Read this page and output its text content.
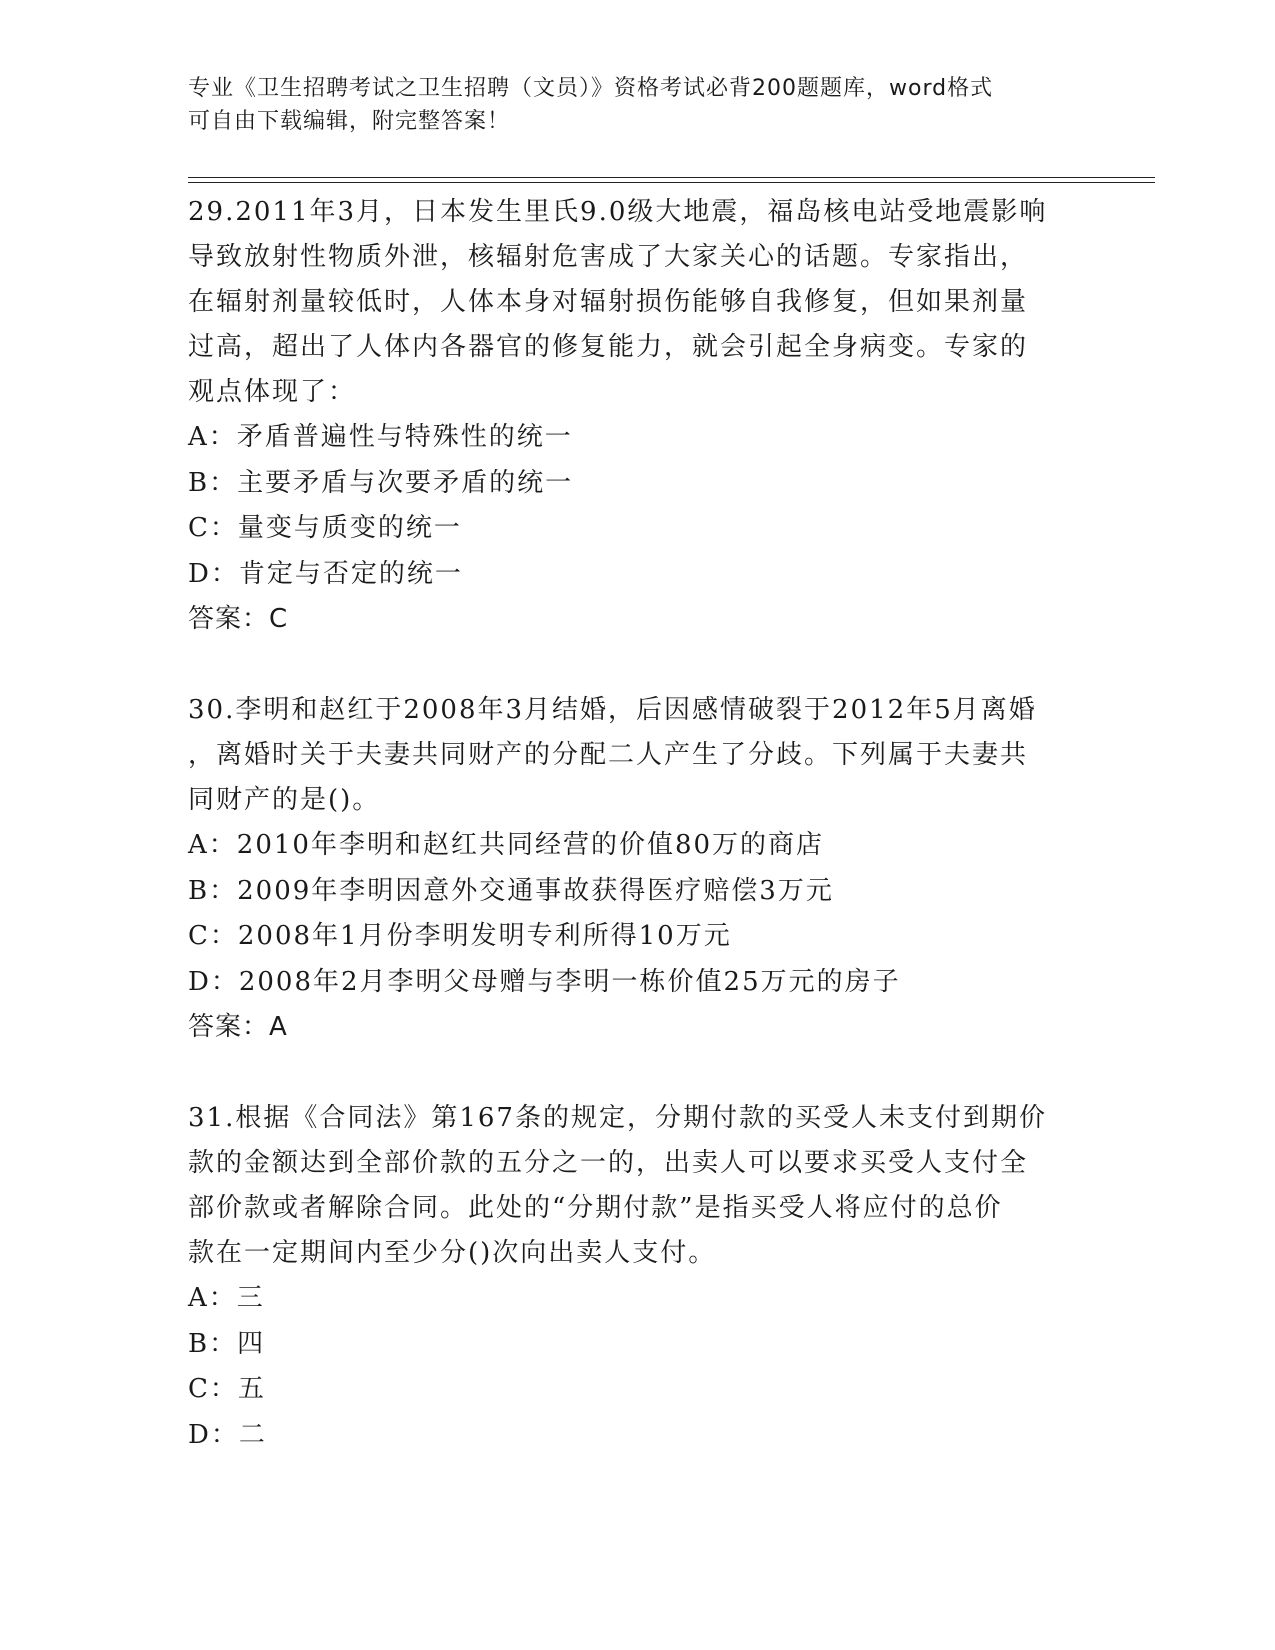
专业《卫生招聘考试之卫生招聘（文员）》资格考试必背200题题库，word格式
可自由下载编辑，附完整答案！

29.2011年3月，日本发生里氏9.0级大地震，福岛核电站受地震影响

导致放射性物质外泄，核辐射危害成了大家关心的话题。专家指出，

在辐射剂量较低时，人体本身对辐射损伤能够自我修复，但如果剂量

过高，超出了人体内各器官的修复能力，就会引起全身病变。专家的

观点体现了：

A：矛盾普遍性与特殊性的统一

B：主要矛盾与次要矛盾的统一

C：量变与质变的统一

D：肯定与否定的统一

答案：C

30.李明和赵红于2008年3月结婚，后因感情破裂于2012年5月离婚

，离婚时关于夫妻共同财产的分配二人产生了分歧。下列属于夫妻共

同财产的是()。

A：2010年李明和赵红共同经营的价值80万的商店

B：2009年李明因意外交通事故获得医疗赔偿3万元

C：2008年1月份李明发明专利所得10万元

D：2008年2月李明父母赠与李明一栋价值25万元的房子

答案：A

31.根据《合同法》第167条的规定，分期付款的买受人未支付到期价

款的金额达到全部价款的五分之一的，出卖人可以要求买受人支付全

部价款或者解除合同。此处的“分期付款”是指买受人将应付的总价

款在一定期间内至少分()次向出卖人支付。

A：三

B：四

C：五

D：二
